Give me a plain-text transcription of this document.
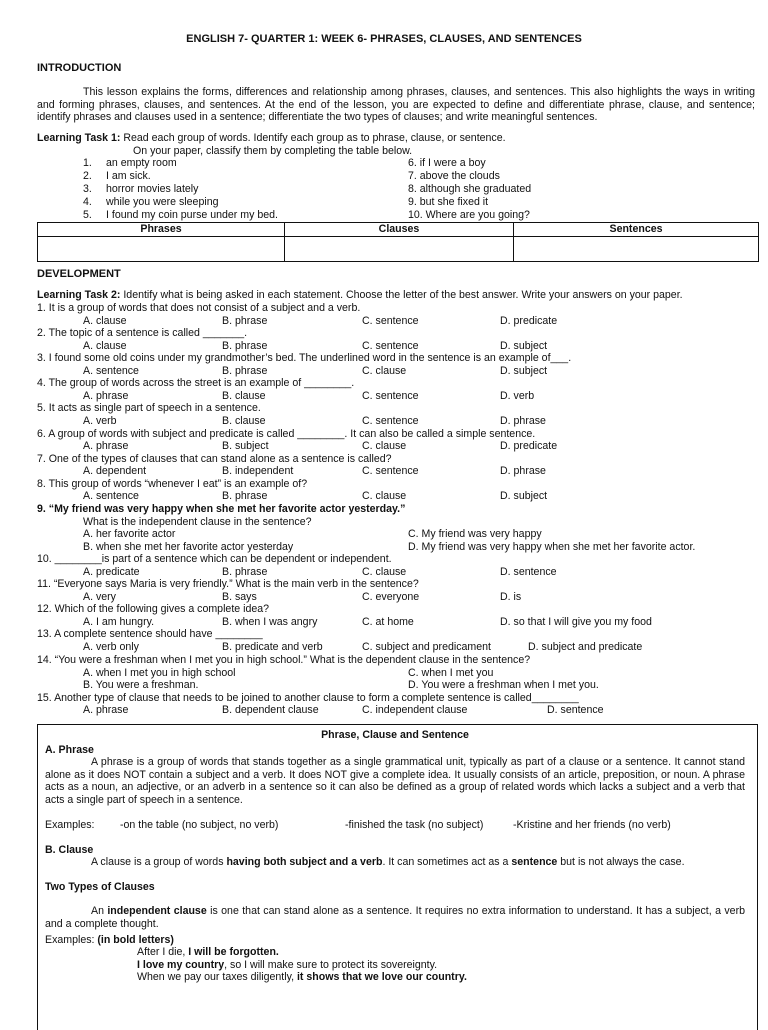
ENGLISH 7- QUARTER 1: WEEK 6- PHRASES, CLAUSES, AND SENTENCES
INTRODUCTION
This lesson explains the forms, differences and relationship among phrases, clauses, and sentences. This also highlights the ways in writing and forming phrases, clauses, and sentences. At the end of the lesson, you are expected to define and differentiate phrase, clause, and sentence; identify phrases and clauses used in a sentence; differentiate the two types of clauses; and write meaningful sentences.
Learning Task 1: Read each group of words. Identify each group as to phrase, clause, or sentence.
On your paper, classify them by completing the table below.
1. an empty room
2. I am sick.
3. horror movies lately
4. while you were sleeping
5. I found my coin purse under my bed.
6. if I were a boy
7. above the clouds
8. although she graduated
9. but she fixed it
10. Where are you going?
Phrases	Clauses	Sentences

DEVELOPMENT
Learning Task 2: Identify what is being asked in each statement. Choose the letter of the best answer. Write your answers on your paper.
1. It is a group of words that does not consist of a subject and a verb.
A. clause	B. phrase	C. sentence	D. predicate
2. The topic of a sentence is called _______.
A. clause	B. phrase	C. sentence	D. subject
3. I found some old coins under my grandmother’s bed. The underlined word in the sentence is an example of___.
A. sentence	B. phrase	C. clause	D. subject
4. The group of words across the street is an example of ________.
A. phrase	B. clause	C. sentence	D. verb
5. It acts as single part of speech in a sentence.
A. verb	B. clause	C. sentence	D. phrase
6. A group of words with subject and predicate is called ________. It can also be called a simple sentence.
A. phrase	B. subject	C. clause	D. predicate
7. One of the types of clauses that can stand alone as a sentence is called?
A. dependent	B. independent	C. sentence	D. phrase
8. This group of words “whenever I eat” is an example of?
A. sentence	B. phrase	C. clause	D. subject
9. “My friend was very happy when she met her favorite actor yesterday.”
What is the independent clause in the sentence?
A. her favorite actor	C. My friend was very happy
B. when she met her favorite actor yesterday	D. My friend was very happy when she met her favorite actor.
10. ________is part of a sentence which can be dependent or independent.
A. predicate	B. phrase	C. clause	D. sentence
11. “Everyone says Maria is very friendly.” What is the main verb in the sentence?
A. very	B. says	C. everyone	D. is
12. Which of the following gives a complete idea?
A. I am hungry.	B. when I was angry	C. at home	D. so that I will give you my food
13. A complete sentence should have ________
A. verb only	B. predicate and verb	C. subject and predicament	D. subject and predicate
14. “You were a freshman when I met you in high school.” What is the dependent clause in the sentence?
A. when I met you in high school	C. when I met you
B. You were a freshman.	D. You were a freshman when I met you.
15. Another type of clause that needs to be joined to another clause to form a complete sentence is called________
A. phrase	B. dependent clause	C. independent clause	D. sentence
Phrase, Clause and Sentence
A. Phrase
A phrase is a group of words that stands together as a single grammatical unit, typically as part of a clause or a sentence. It cannot stand alone as it does NOT contain a subject and a verb. It does NOT give a complete idea. It usually consists of an article, preposition, or noun. A phrase acts as a noun, an adjective, or an adverb in a sentence so it can also be defined as a group of related words which lacks a subject and a verb that acts a single part of speech in a sentence.
Examples: -on the table (no subject, no verb)	-finished the task (no subject)	-Kristine and her friends (no verb)
B. Clause
A clause is a group of words having both subject and a verb. It can sometimes act as a sentence but is not always the case.
Two Types of Clauses
An independent clause is one that can stand alone as a sentence. It requires no extra information to understand. It has a subject, a verb and a complete thought.
Examples: (in bold letters)
After I die, I will be forgotten.
I love my country, so I will make sure to protect its sovereignty.
When we pay our taxes diligently, it shows that we love our country.
